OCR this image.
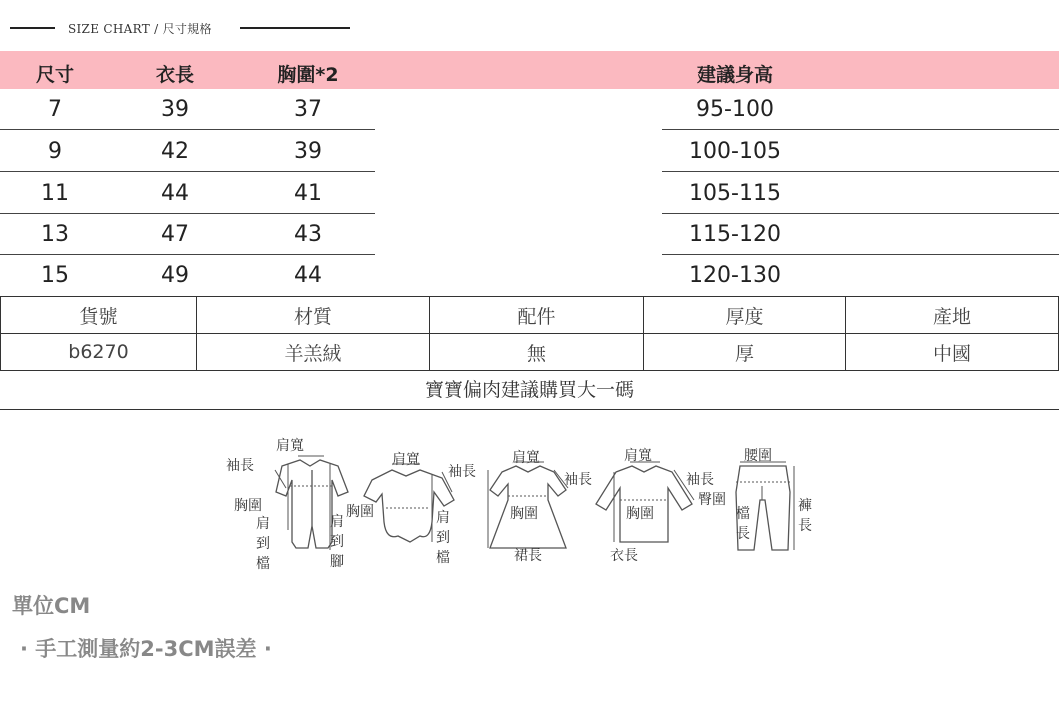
SIZE CHART / 尺寸規格
尺寸	衣長	胸圍*2	建議身高
7	39	37	95-100
9	42	39	100-105
11	44	41	105-115
13	47	43	115-120
15	49	44	120-130
貨號	材質	配件	厚度	產地
b6270	羊羔絨	無	厚	中國
寶寶偏肉建議購買大一碼
袖長
肩寬
胸圍
肩
到
檔
肩
到
腳
肩寬
袖長
胸圍	肩
到
檔
肩寬
袖長
胸圍
裙長
肩寬
袖長
胸圍
衣長
腰圍
臀圍
檔
長
褲
長
單位CM
· 手工測量約2-3CM誤差 ·
